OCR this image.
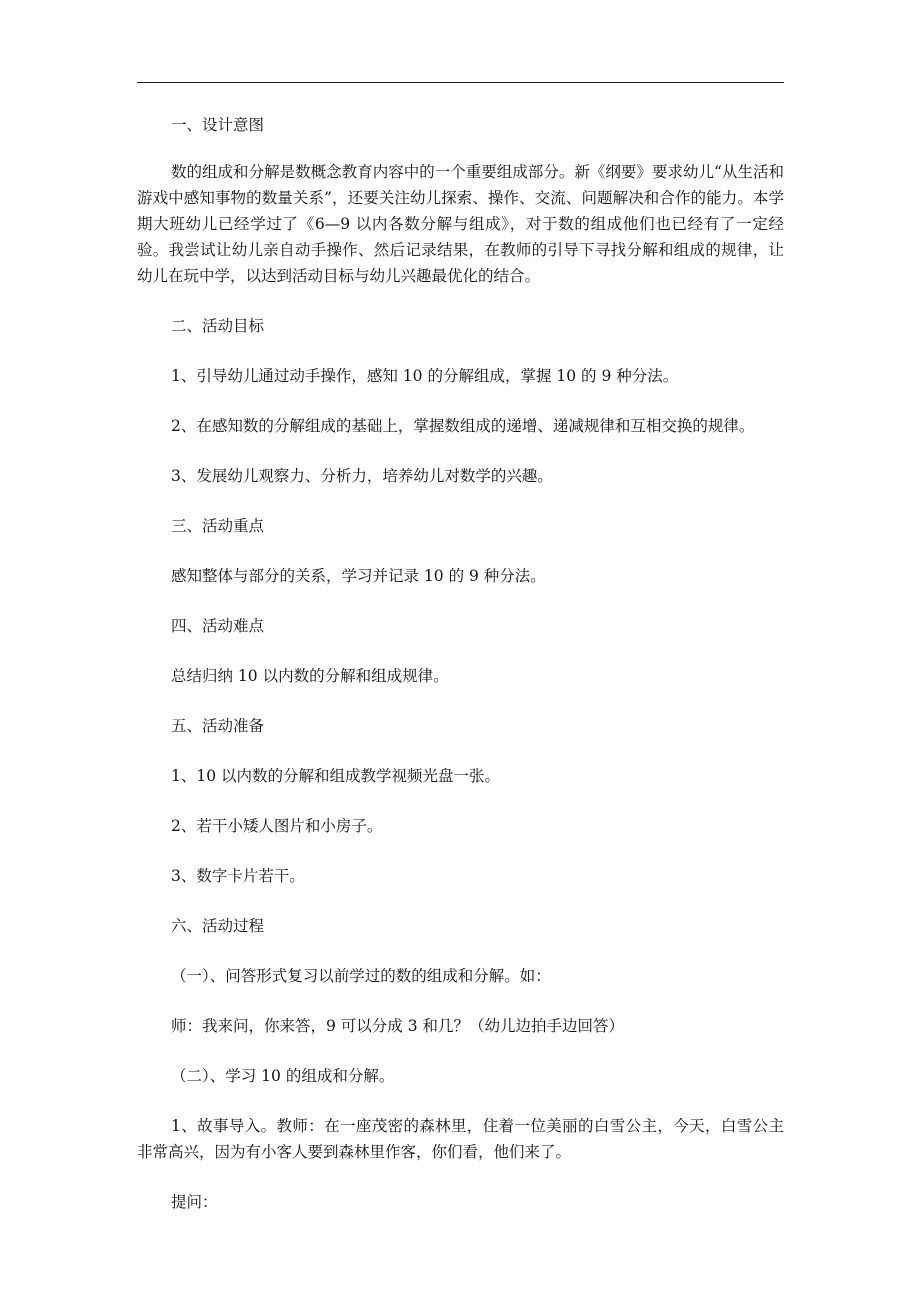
一、设计意图

数的组成和分解是数概念教育内容中的一个重要组成部分。新《纲要》要求幼儿“从生活和游戏中感知事物的数量关系”，还要关注幼儿探索、操作、交流、问题解决和合作的能力。本学期大班幼儿已经学过了《6—9 以内各数分解与组成》，对于数的组成他们也已经有了一定经验。我尝试让幼儿亲自动手操作、然后记录结果，在教师的引导下寻找分解和组成的规律，让幼儿在玩中学，以达到活动目标与幼儿兴趣最优化的结合。

二、活动目标

1、引导幼儿通过动手操作，感知 10 的分解组成，掌握 10 的 9 种分法。

2、在感知数的分解组成的基础上，掌握数组成的递增、递减规律和互相交换的规律。

3、发展幼儿观察力、分析力，培养幼儿对数学的兴趣。

三、活动重点

感知整体与部分的关系，学习并记录 10 的 9 种分法。

四、活动难点

总结归纳 10 以内数的分解和组成规律。

五、活动准备

1、10 以内数的分解和组成教学视频光盘一张。

2、若干小矮人图片和小房子。

3、数字卡片若干。

六、活动过程

（一）、问答形式复习以前学过的数的组成和分解。如：

师：我来问，你来答，9 可以分成 3 和几？（幼儿边拍手边回答）

（二）、学习 10 的组成和分解。

1、故事导入。教师：在一座茂密的森林里，住着一位美丽的白雪公主，今天，白雪公主非常高兴，因为有小客人要到森林里作客，你们看，他们来了。

提问：
